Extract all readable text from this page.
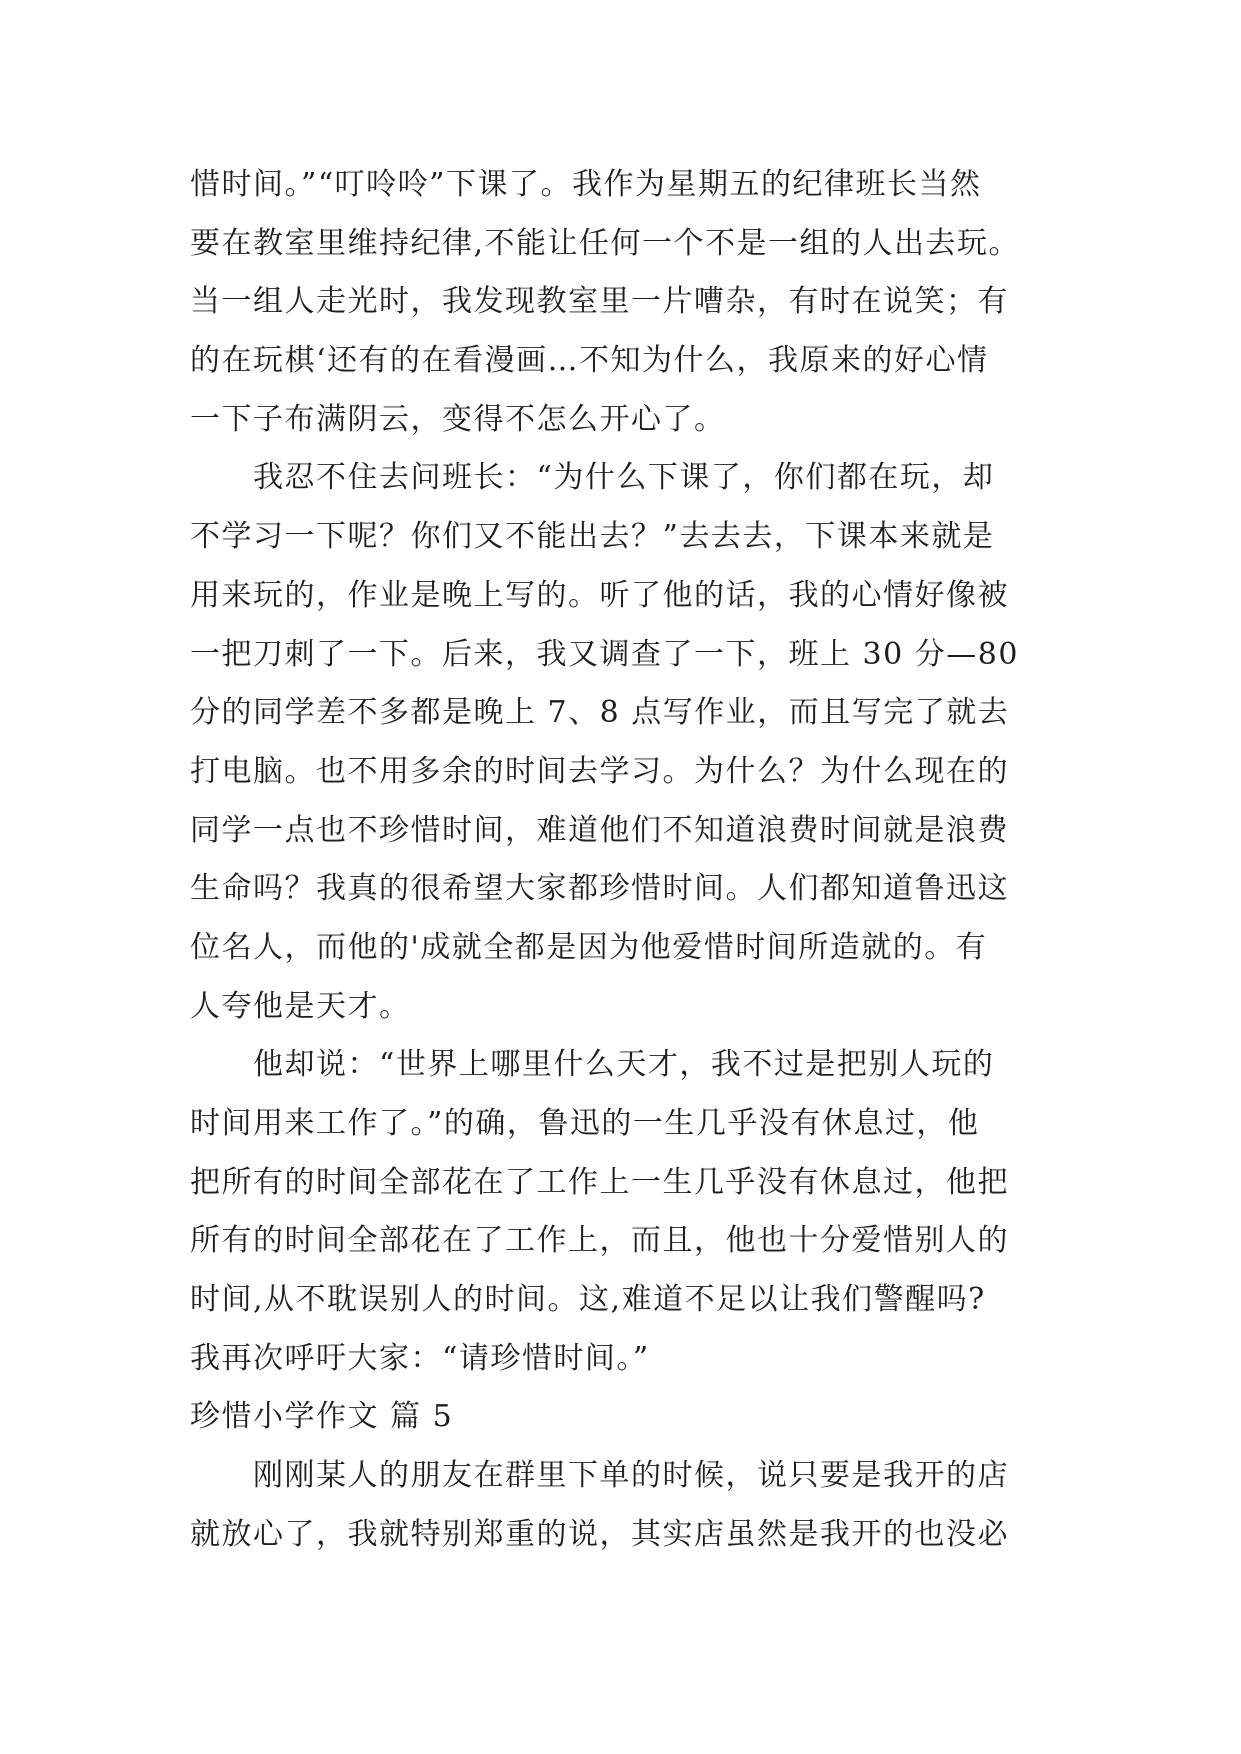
惜时间。”“叮呤呤”下课了。我作为星期五的纪律班长当然
要在教室里维持纪律,不能让任何一个不是一组的人出去玩。
当一组人走光时，我发现教室里一片嘈杂，有时在说笑；有
的在玩棋‘还有的在看漫画…不知为什么，我原来的好心情
一下子布满阴云，变得不怎么开心了。
　　我忍不住去问班长：“为什么下课了，你们都在玩，却
不学习一下呢？你们又不能出去？”去去去，下课本来就是
用来玩的，作业是晚上写的。听了他的话，我的心情好像被
一把刀刺了一下。后来，我又调查了一下，班上 30 分—80
分的同学差不多都是晚上 7、8 点写作业，而且写完了就去
打电脑。也不用多余的时间去学习。为什么？为什么现在的
同学一点也不珍惜时间，难道他们不知道浪费时间就是浪费
生命吗？我真的很希望大家都珍惜时间。人们都知道鲁迅这
位名人，而他的'成就全都是因为他爱惜时间所造就的。有
人夸他是天才。
　　他却说：“世界上哪里什么天才，我不过是把别人玩的
时间用来工作了。”的确，鲁迅的一生几乎没有休息过，他
把所有的时间全部花在了工作上一生几乎没有休息过，他把
所有的时间全部花在了工作上，而且，他也十分爱惜别人的
时间,从不耽误别人的时间。这,难道不足以让我们警醒吗?
我再次呼吁大家：“请珍惜时间。”
珍惜小学作文 篇 5
　　刚刚某人的朋友在群里下单的时候，说只要是我开的店
就放心了，我就特别郑重的说，其实店虽然是我开的也没必
